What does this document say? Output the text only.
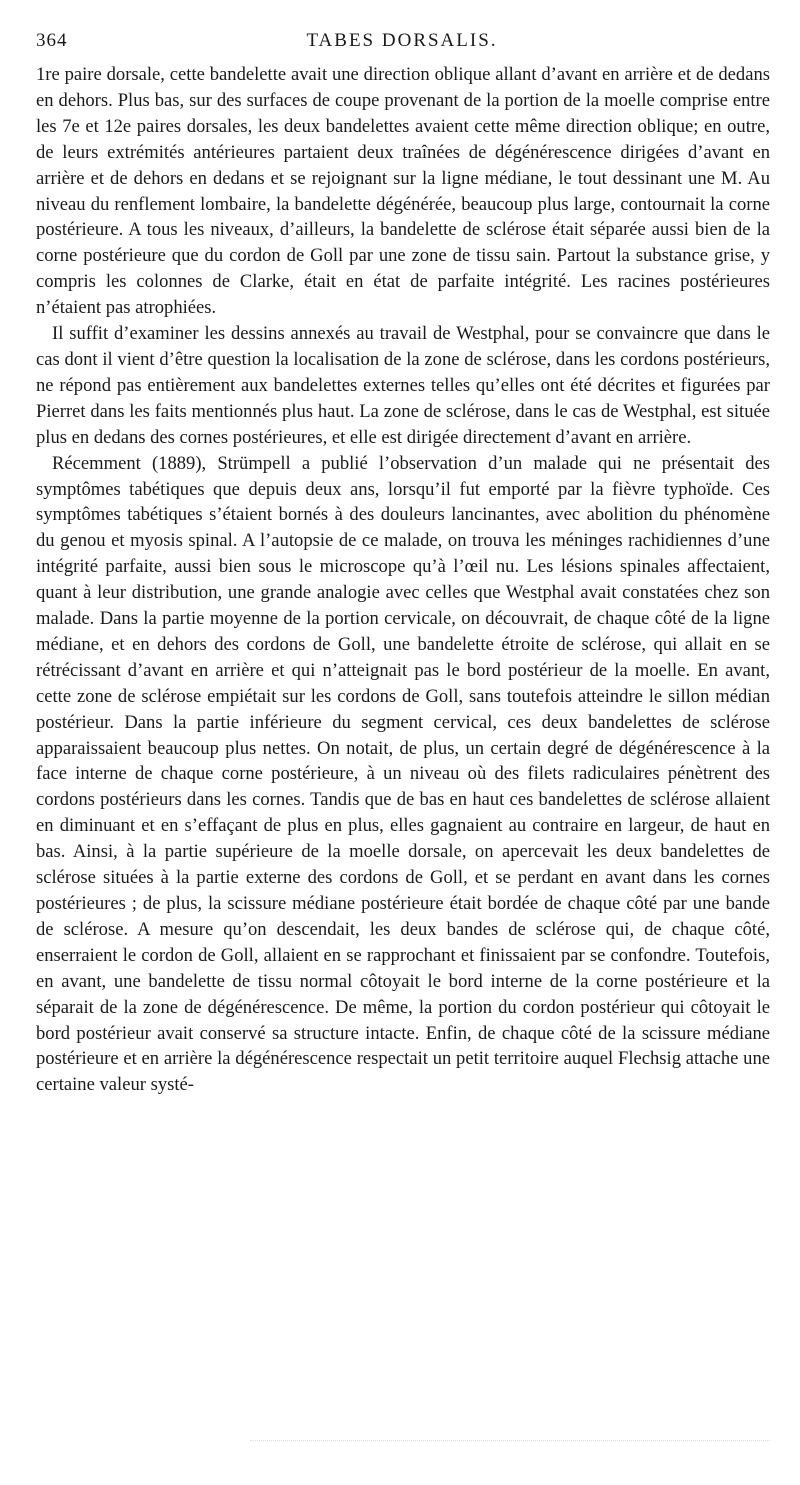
364	TABES DORSALIS.

1re paire dorsale, cette bandelette avait une direction oblique allant d’avant en arrière et de dedans en dehors. Plus bas, sur des surfaces de coupe provenant de la portion de la moelle comprise entre les 7e et 12e paires dorsales, les deux bandelettes avaient cette même direction oblique; en outre, de leurs extrémités antérieures partaient deux traînées de dégénérescence dirigées d’avant en arrière et de dehors en dedans et se rejoignant sur la ligne médiane, le tout dessinant une M. Au niveau du renflement lombaire, la bandelette dégénérée, beaucoup plus large, contournait la corne postérieure. A tous les niveaux, d’ailleurs, la bandelette de sclérose était séparée aussi bien de la corne postérieure que du cordon de Goll par une zone de tissu sain. Partout la substance grise, y compris les colonnes de Clarke, était en état de parfaite intégrité. Les racines postérieures n’étaient pas atrophiées.

Il suffit d’examiner les dessins annexés au travail de Westphal, pour se convaincre que dans le cas dont il vient d’être question la localisation de la zone de sclérose, dans les cordons postérieurs, ne répond pas entièrement aux bandelettes externes telles qu’elles ont été décrites et figurées par Pierret dans les faits mentionnés plus haut. La zone de sclérose, dans le cas de Westphal, est située plus en dedans des cornes postérieures, et elle est dirigée directement d’avant en arrière.

Récemment (1889), Strümpell a publié l’observation d’un malade qui ne présentait des symptômes tabétiques que depuis deux ans, lorsqu’il fut emporté par la fièvre typhoïde. Ces symptômes tabétiques s’étaient bornés à des douleurs lancinantes, avec abolition du phénomène du genou et myosis spinal. A l’autopsie de ce malade, on trouva les méninges rachidiennes d’une intégrité parfaite, aussi bien sous le microscope qu’à l’œil nu. Les lésions spinales affectaient, quant à leur distribution, une grande analogie avec celles que Westphal avait constatées chez son malade. Dans la partie moyenne de la portion cervicale, on découvrait, de chaque côté de la ligne médiane, et en dehors des cordons de Goll, une bandelette étroite de sclérose, qui allait en se rétrécissant d’avant en arrière et qui n’atteignait pas le bord postérieur de la moelle. En avant, cette zone de sclérose empiétait sur les cordons de Goll, sans toutefois atteindre le sillon médian postérieur. Dans la partie inférieure du segment cervical, ces deux bandelettes de sclérose apparaissaient beaucoup plus nettes. On notait, de plus, un certain degré de dégénérescence à la face interne de chaque corne postérieure, à un niveau où des filets radiculaires pénètrent des cordons postérieurs dans les cornes. Tandis que de bas en haut ces bandelettes de sclérose allaient en diminuant et en s’effaçant de plus en plus, elles gagnaient au contraire en largeur, de haut en bas. Ainsi, à la partie supérieure de la moelle dorsale, on apercevait les deux bandelettes de sclérose situées à la partie externe des cordons de Goll, et se perdant en avant dans les cornes postérieures ; de plus, la scissure médiane postérieure était bordée de chaque côté par une bande de sclérose. A mesure qu’on descendait, les deux bandes de sclérose qui, de chaque côté, enserraient le cordon de Goll, allaient en se rapprochant et finissaient par se confondre. Toutefois, en avant, une bandelette de tissu normal côtoyait le bord interne de la corne postérieure et la séparait de la zone de dégénérescence. De même, la portion du cordon postérieur qui côtoyait le bord postérieur avait conservé sa structure intacte. Enfin, de chaque côté de la scissure médiane postérieure et en arrière la dégénérescence respectait un petit territoire auquel Flechsig attache une certaine valeur systé-
